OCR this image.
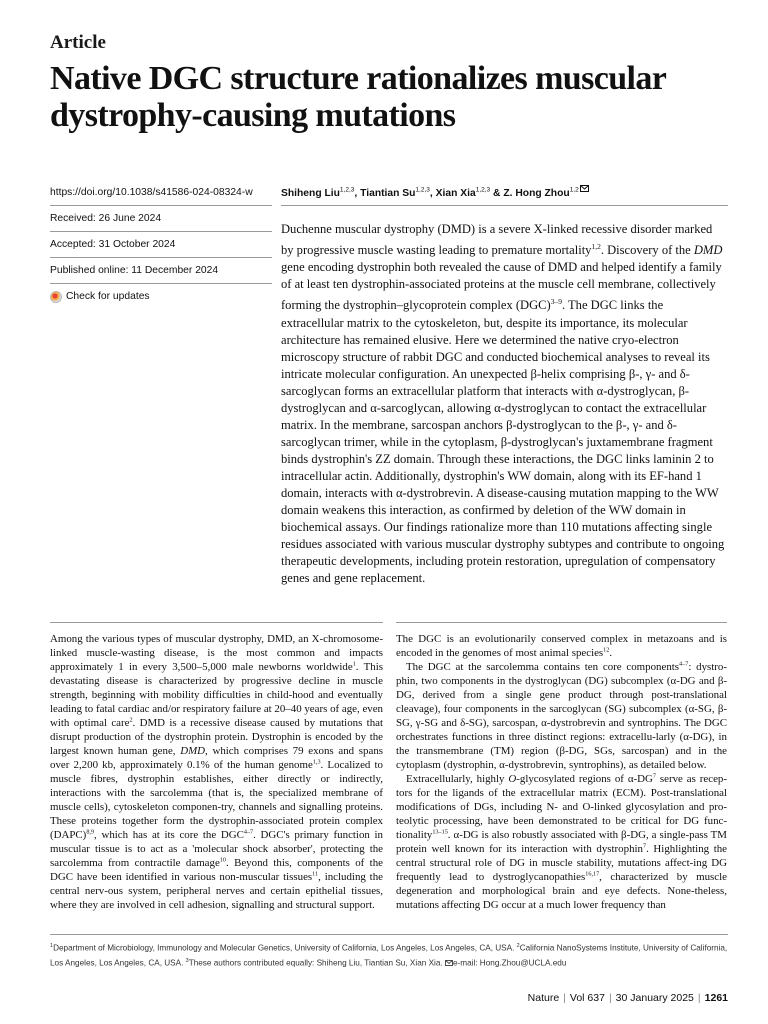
Article
Native DGC structure rationalizes muscular dystrophy-causing mutations
https://doi.org/10.1038/s41586-024-08324-w
Received: 26 June 2024
Accepted: 31 October 2024
Published online: 11 December 2024
Check for updates
Shiheng Liu$^{1,2,3}$, Tiantian Su$^{1,2,3}$, Xian Xia$^{1,2,3}$ & Z. Hong Zhou$^{1,2}$
Duchenne muscular dystrophy (DMD) is a severe X-linked recessive disorder marked by progressive muscle wasting leading to premature mortality$^{1,2}$. Discovery of the DMD gene encoding dystrophin both revealed the cause of DMD and helped identify a family of at least ten dystrophin-associated proteins at the muscle cell membrane, collectively forming the dystrophin–glycoprotein complex (DGC)$^{3-9}$. The DGC links the extracellular matrix to the cytoskeleton, but, despite its importance, its molecular architecture has remained elusive. Here we determined the native cryo-electron microscopy structure of rabbit DGC and conducted biochemical analyses to reveal its intricate molecular configuration. An unexpected β-helix comprising β-, γ- and δ-sarcoglycan forms an extracellular platform that interacts with α-dystroglycan, β-dystroglycan and α-sarcoglycan, allowing α-dystroglycan to contact the extracellular matrix. In the membrane, sarcospan anchors β-dystroglycan to the β-, γ- and δ-sarcoglycan trimer, while in the cytoplasm, β-dystroglycan's juxtamembrane fragment binds dystrophin's ZZ domain. Through these interactions, the DGC links laminin 2 to intracellular actin. Additionally, dystrophin's WW domain, along with its EF-hand 1 domain, interacts with α-dystrobrevin. A disease-causing mutation mapping to the WW domain weakens this interaction, as confirmed by deletion of the WW domain in biochemical assays. Our findings rationalize more than 110 mutations affecting single residues associated with various muscular dystrophy subtypes and contribute to ongoing therapeutic developments, including protein restoration, upregulation of compensatory genes and gene replacement.

Among the various types of muscular dystrophy, DMD, an X-chromosome-linked muscle-wasting disease, is the most common and impacts approximately 1 in every 3,500–5,000 male newborns worldwide$^1$. This devastating disease is characterized by progressive decline in muscle strength, beginning with mobility difficulties in child-hood and eventually leading to fatal cardiac and/or respiratory failure at 20–40 years of age, even with optimal care$^2$. DMD is a recessive disease caused by mutations that disrupt production of the dystrophin protein. Dystrophin is encoded by the largest known human gene, DMD, which comprises 79 exons and spans over 2,200 kb, approximately 0.1% of the human genome$^{1,3}$. Localized to muscle fibres, dystrophin establishes, either directly or indirectly, interactions with the sarcolemma (that is, the specialized membrane of muscle cells), cytoskeleton componen-try, channels and signalling proteins. These proteins together form the dystrophin-associated protein complex (DAPC)$^{8,9}$, which has at its core the DGC$^{4-7}$. DGC's primary function in muscular tissue is to act as a 'molecular shock absorber', protecting the sarcolemma from contractile damage$^{10}$. Beyond this, components of the DGC have been identified in various non-muscular tissues$^{11}$, including the central nerv-ous system, peripheral nerves and certain epithelial tissues, where they are involved in cell adhesion, signalling and structural support.

The DGC is an evolutionarily conserved complex in metazoans and is encoded in the genomes of most animal species$^{12}$.

The DGC at the sarcolemma contains ten core components$^{4-7}$: dystro-phin, two components in the dystroglycan (DG) subcomplex (α-DG and β-DG, derived from a single gene product through post-translational cleavage), four components in the sarcoglycan (SG) subcomplex (α-SG, β-SG, γ-SG and δ-SG), sarcospan, α-dystrobrevin and syntrophins. The DGC orchestrates functions in three distinct regions: extracellu-larly (α-DG), in the transmembrane (TM) region (β-DG, SGs, sarcospan) and in the cytoplasm (dystrophin, α-dystrobrevin, syntrophins), as detailed below.

Extracellularly, highly O-glycosylated regions of $\alpha-DG^7$ serve as recep-tors for the ligands of the extracellular matrix (ECM). Post-translational modifications of DGs, including N- and O-linked glycosylation and pro-teolytic processing, have been demonstrated to be critical for DG func-tionality$^{13-15}$. α-DG is also robustly associated with β-DG, a single-pass TM protein well known for its interaction with dystrophin$^7$. Highlighting the central structural role of DG in muscle stability, mutations affect-ing DG frequently lead to dystroglycanopathies$^{16,17}$, characterized by muscle degeneration and morphological brain and eye defects. None-theless, mutations affecting DG occur at a much lower frequency than

$^1$Department of Microbiology, Immunology and Molecular Genetics, University of California, Los Angeles, Los Angeles, CA, USA. $^2$California NanoSystems Institute, University of California, Los Angeles, Los Angeles, CA, USA. $^3$These authors contributed equally: Shiheng Liu, Tiantian Su, Xian Xia. e-mail: Hong.Zhou@UCLA.edu
Nature | Vol 637 | 30 January 2025 | 1261
